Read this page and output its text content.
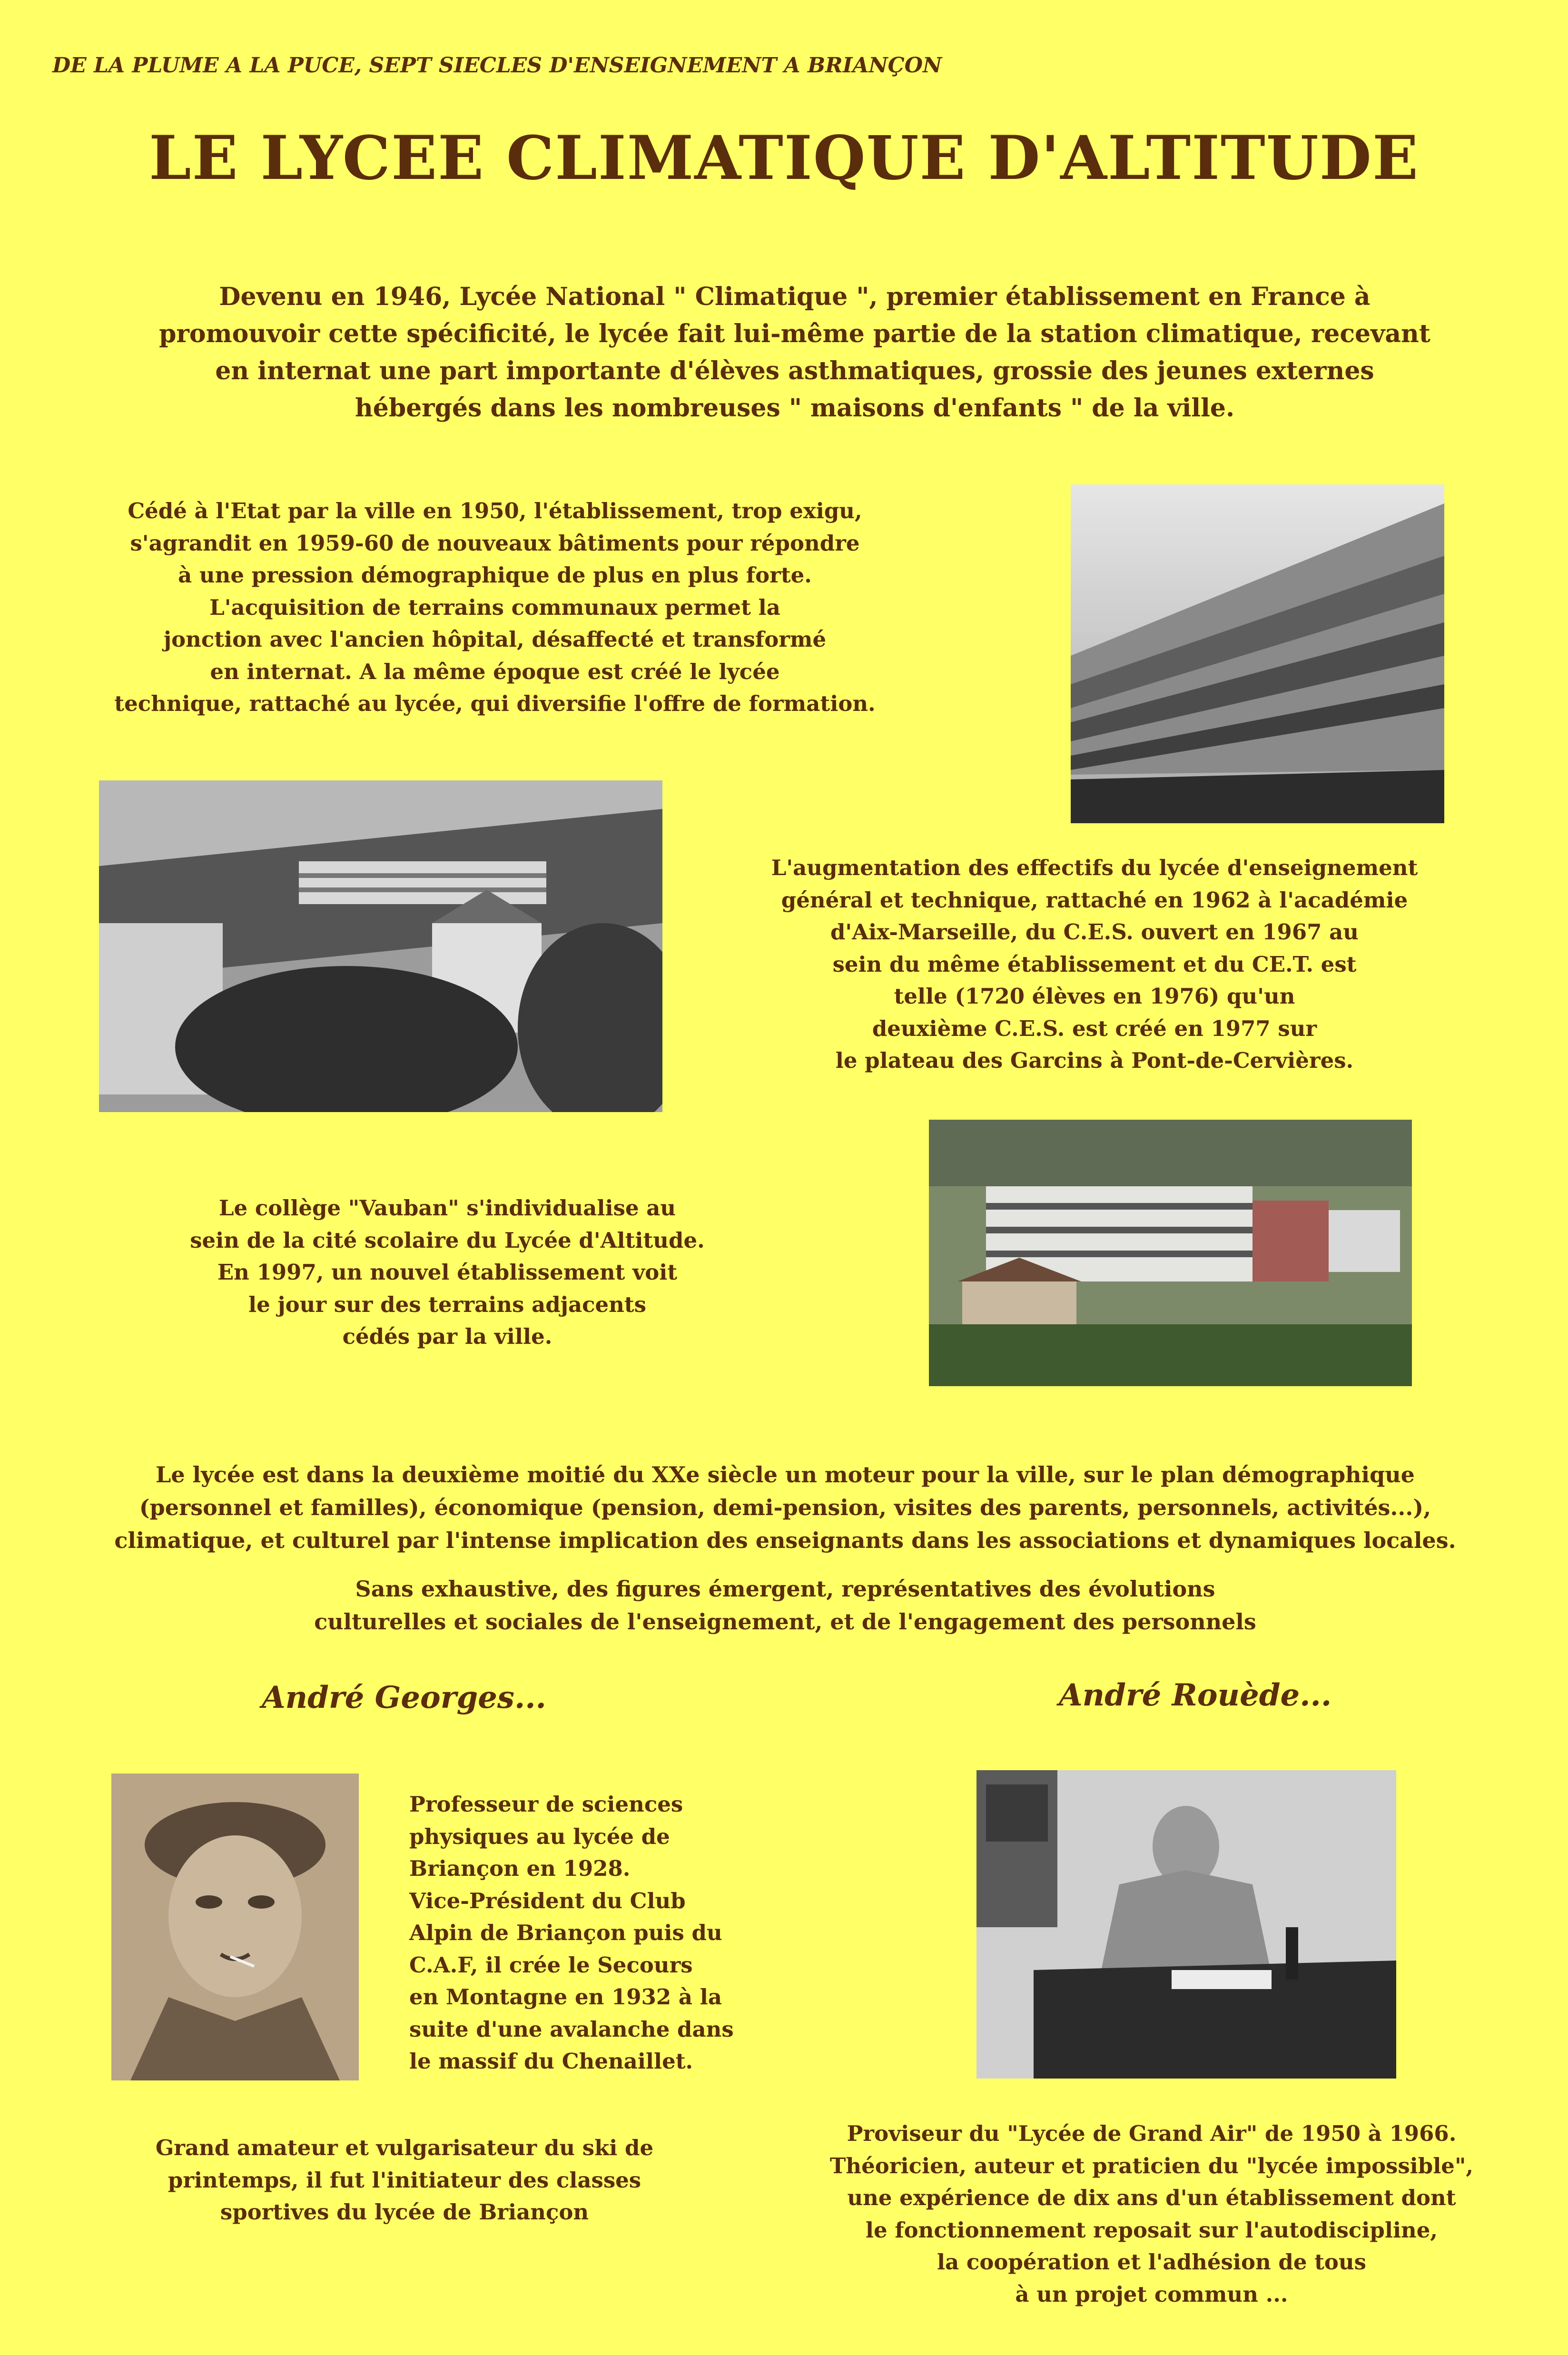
DE LA PLUME A LA PUCE, SEPT SIECLES D'ENSEIGNEMENT A BRIANÇON
LE LYCEE CLIMATIQUE D'ALTITUDE
Devenu en 1946, Lycée National " Climatique ", premier établissement en France à
promouvoir cette spécificité, le lycée fait lui-même partie de la station climatique, recevant
en internat une part importante d'élèves asthmatiques, grossie des jeunes externes
hébergés dans les nombreuses " maisons d'enfants " de la ville.
Cédé à l'Etat par la ville en 1950, l'établissement, trop exigu,
s'agrandit en 1959-60 de nouveaux bâtiments pour répondre
à une pression démographique de plus en plus forte.
L'acquisition de terrains communaux permet la
jonction avec l'ancien hôpital, désaffecté et transformé
en internat. A la même époque est créé le lycée
technique, rattaché au lycée, qui diversifie l'offre de formation.
L'augmentation des effectifs du lycée d'enseignement
général et technique, rattaché en 1962 à l'académie
d'Aix-Marseille, du C.E.S. ouvert en 1967 au
sein du même établissement et du CE.T. est
telle (1720 élèves en 1976) qu'un
deuxième C.E.S. est créé en 1977 sur
le plateau des Garcins à Pont-de-Cervières.
Le collège "Vauban" s'individualise au
sein de la cité scolaire du Lycée d'Altitude.
En 1997, un nouvel établissement voit
le jour sur des terrains adjacents
cédés par la ville.
Le lycée est dans la deuxième moitié du XXe siècle un moteur pour la ville, sur le plan démographique
(personnel et familles), économique (pension, demi-pension, visites des parents, personnels, activités...),
climatique, et culturel par l'intense implication des enseignants dans les associations et dynamiques locales.
Sans exhaustive, des figures émergent, représentatives des évolutions
culturelles et sociales de l'enseignement, et de l'engagement des personnels
André Georges...	André Rouède...
Professeur de sciences
physiques au lycée de
Briançon en 1928.
Vice-Président du Club
Alpin de Briançon puis du
C.A.F, il crée le Secours
en Montagne en 1932 à la
suite d'une avalanche dans
le massif du Chenaillet.
Grand amateur et vulgarisateur du ski de
printemps, il fut l'initiateur des classes
sportives du lycée de Briançon
Proviseur du "Lycée de Grand Air" de 1950 à 1966.
Théoricien, auteur et praticien du "lycée impossible",
une expérience de dix ans d'un établissement dont
le fonctionnement reposait sur l'autodiscipline,
la coopération et l'adhésion de tous
à un projet commun ...
